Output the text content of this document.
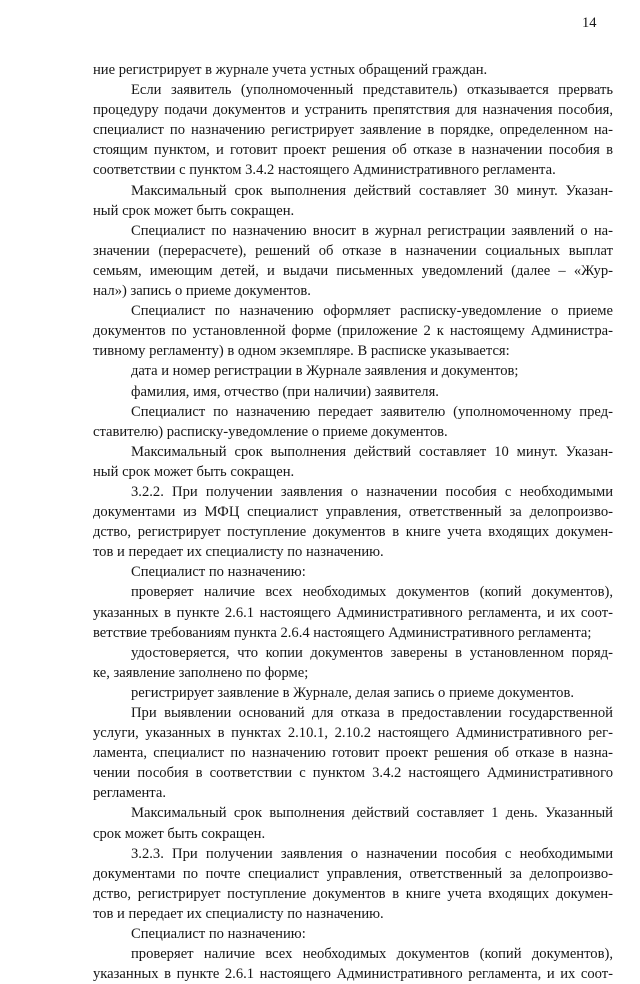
14
ние регистрирует в журнале учета устных обращений граждан.
Если заявитель (уполномоченный представитель) отказывается прервать
процедуру подачи документов и устранить препятствия для назначения пособия,
специалист по назначению регистрирует заявление в порядке, определенном на-
стоящим пунктом, и готовит проект решения об отказе в назначении пособия в
соответствии с пунктом 3.4.2 настоящего Административного регламента.
Максимальный срок выполнения действий составляет 30 минут. Указан-
ный срок может быть сокращен.
Специалист по назначению вносит в журнал регистрации заявлений о на-
значении (перерасчете), решений об отказе в назначении социальных выплат
семьям, имеющим детей, и выдачи письменных уведомлений (далее – «Жур-
нал») запись о приеме документов.
Специалист по назначению оформляет расписку-уведомление о приеме
документов по установленной форме (приложение 2 к настоящему Администра-
тивному регламенту) в одном экземпляре. В расписке указывается:
дата и номер регистрации в Журнале заявления и документов;
фамилия, имя, отчество (при наличии) заявителя.
Специалист по назначению передает заявителю (уполномоченному пред-
ставителю) расписку-уведомление о приеме документов.
Максимальный срок выполнения действий составляет 10 минут. Указан-
ный срок может быть сокращен.
3.2.2. При получении заявления о назначении пособия с необходимыми
документами из МФЦ специалист управления, ответственный за делопроизво-
дство, регистрирует поступление документов в книге учета входящих докумен-
тов и передает их специалисту по назначению.
Специалист по назначению:
проверяет наличие всех необходимых документов (копий документов),
указанных в пункте 2.6.1 настоящего Административного регламента, и их соот-
ветствие требованиям пункта 2.6.4 настоящего Административного регламента;
удостоверяется, что копии документов заверены в установленном поряд-
ке, заявление заполнено по форме;
регистрирует заявление в Журнале, делая запись о приеме документов.
При выявлении оснований для отказа в предоставлении государственной
услуги, указанных в пунктах 2.10.1, 2.10.2 настоящего Административного рег-
ламента, специалист по назначению готовит проект решения об отказе в назна-
чении пособия в соответствии с пунктом 3.4.2 настоящего Административного
регламента.
Максимальный срок выполнения действий составляет 1 день. Указанный
срок может быть сокращен.
3.2.3. При получении заявления о назначении пособия с необходимыми
документами по почте специалист управления, ответственный за делопроизво-
дство, регистрирует поступление документов в книге учета входящих докумен-
тов и передает их специалисту по назначению.
Специалист по назначению:
проверяет наличие всех необходимых документов (копий документов),
указанных в пункте 2.6.1 настоящего Административного регламента, и их соот-
